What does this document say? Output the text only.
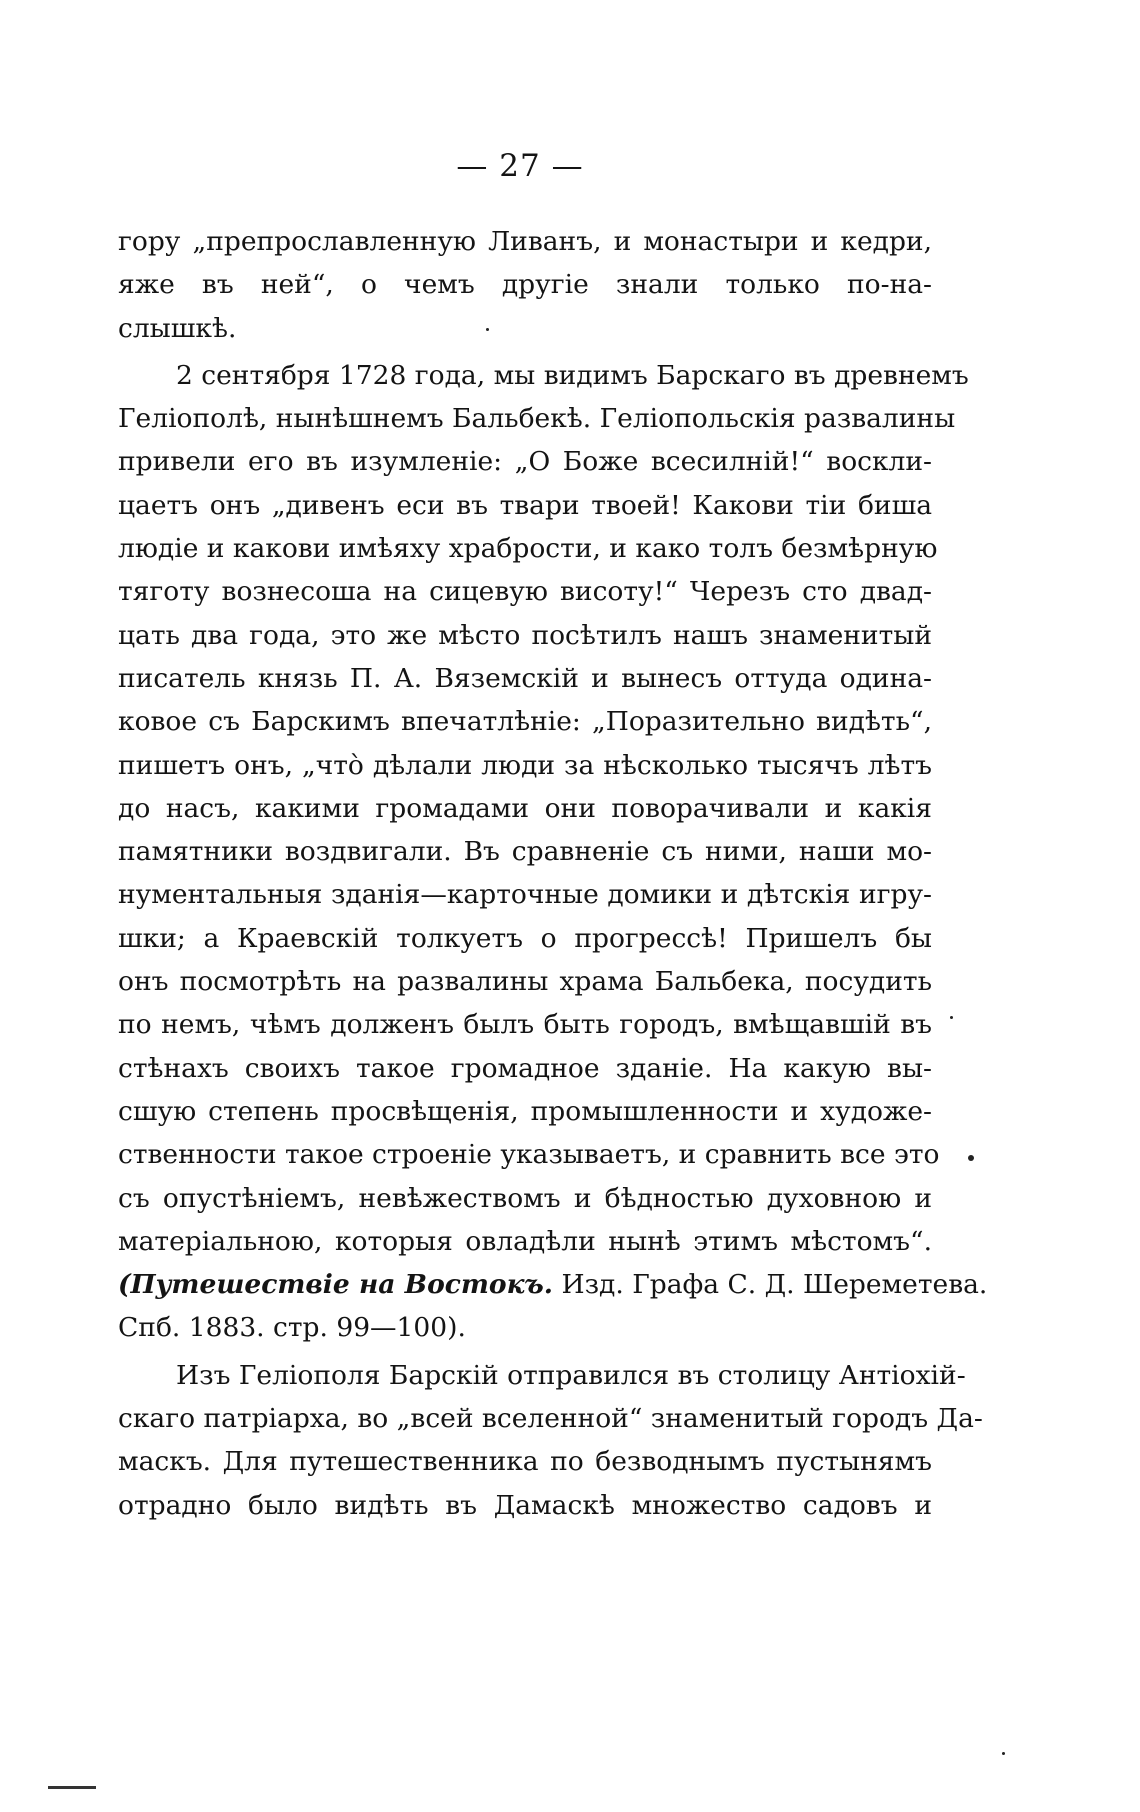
— 27 —
гору „препрославленную Ливанъ, и монастыри и кедри,
яже въ ней“, о чемъ другіе знали только по-на-
слышкѣ.
2 сентября 1728 года, мы видимъ Барскаго въ древнемъ
Геліополѣ, нынѣшнемъ Бальбекѣ. Геліопольскія развалины
привели его въ изумленіе: „О Боже всесилній!“ воскли-
цаетъ онъ „дивенъ еси въ твари твоей! Какови тіи биша
людіе и какови имѣяху храбрости, и како толъ безмѣрную
тяготу вознесоша на сицевую висоту!“ Черезъ сто двад-
цать два года, это же мѣсто посѣтилъ нашъ знаменитый
писатель князь П. А. Вяземскій и вынесъ оттуда одина-
ковое съ Барскимъ впечатлѣніе: „Поразительно видѣть“,
пишетъ онъ, „что̀ дѣлали люди за нѣсколько тысячъ лѣтъ
до насъ, какими громадами они поворачивали и какія
памятники воздвигали. Въ сравненіе съ ними, наши мо-
нументальныя зданія—карточные домики и дѣтскія игру-
шки; а Краевскій толкуетъ о прогрессѣ! Пришелъ бы
онъ посмотрѣть на развалины храма Бальбека, посудить
по немъ, чѣмъ долженъ былъ быть городъ, вмѣщавшій въ
стѣнахъ своихъ такое громадное зданіе. На какую вы-
сшую степень просвѣщенія, промышленности и художе-
ственности такое строеніе указываетъ, и сравнить все это
съ опустѣніемъ, невѣжествомъ и бѣдностью духовною и
матеріальною, которыя овладѣли нынѣ этимъ мѣстомъ“.
(Путешествіе на Востокъ. Изд. Графа С. Д. Шереметева.
Спб. 1883. стр. 99—100).
Изъ Геліополя Барскій отправился въ столицу Антіохій-
скаго патріарха, во „всей вселенной“ знаменитый городъ Да-
маскъ. Для путешественника по безводнымъ пустынямъ
отрадно было видѣть въ Дамаскѣ множество садовъ и
